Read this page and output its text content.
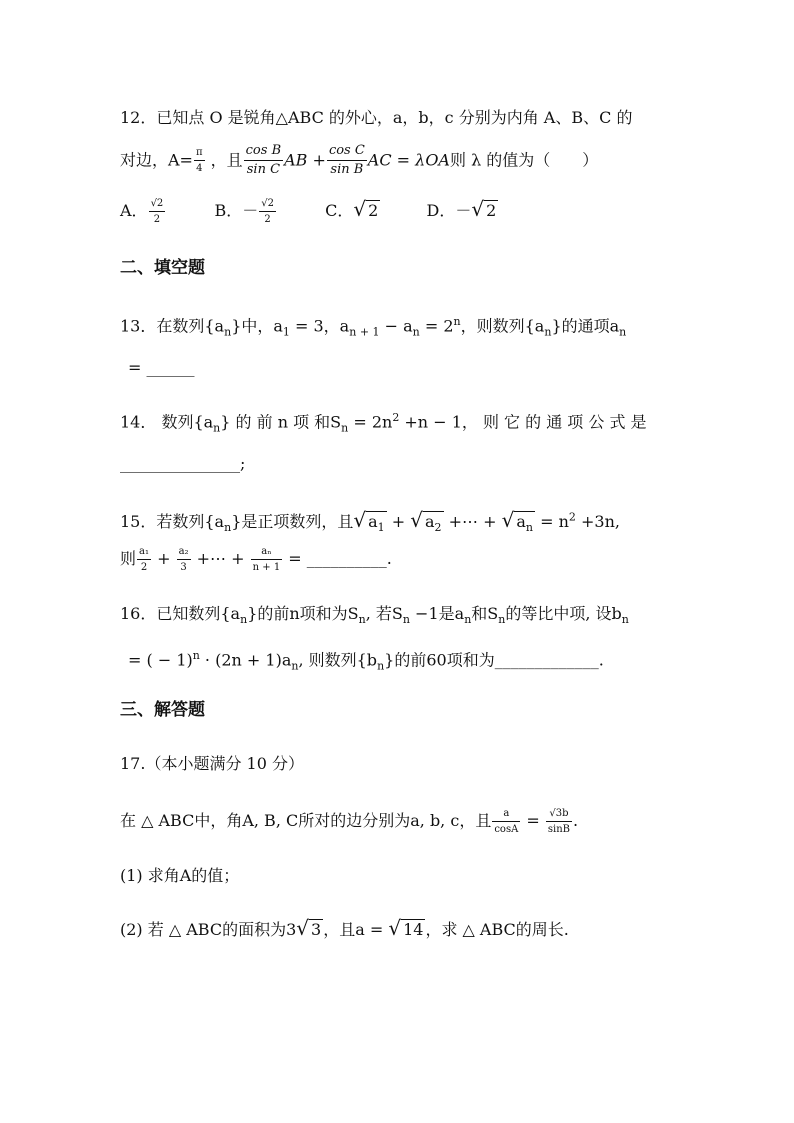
12．已知点 O 是锐角△ABC 的外心，a，b，c 分别为内角 A、B、C 的
对边，$A= \frac{\pi}{4}$ ，且 $\frac{\text{cos B}}{\text{sin C}}$ AB + $\frac{\text{cos C}}{\text{sin B}}$ AC = λOA则 λ 的值为（　　）
A． $\frac{√2}{2}$	B．－ $\frac{√2}{2}$	C．√ 2	D．－√ 2
二、填空题
13．在数列$\{a_n\}$中，$a_1 = 3$，$a_{n + 1} - a_n = 2^n$，则数列$\{a_n\}$的通项$a_n$
= ______
14． 数列$\{a_n\}$ 的 前 n 项 和$S_n = 2n^2 +n - 1$， 则 它 的 通 项 公 式 是
_______________;
15．若数列$\{a_n\}$是正项数列，且√ $a_1$ + √ $a_2$ +⋯ + √ $a_n = n^2 +3n$,
则 $\frac{\text{a₁}}{2} + \frac{\text{a₂}}{3}$ +⋯ + $\frac{\text{aₙ}}{n + 1}$ = __________.
16．已知数列$\{a_n\}$的前n项和为$S_n$, 若$S_n -1$是$a_n$和$S_n$的等比中项, 设$b_n$
= ( − $1)^n \cdot (2n + 1)a_n$, 则数列$\{b_n\}$的前60项和为_____________.
三、解答题
17.（本小题满分 10 分）
在 △ ABC中，角A, B, C所对的边分别为a, b, c，且 $\frac{a}{\cos A} = \frac{√3b}{\sin B}$ .
(1) 求角A的值；
(2) 若 △ ABC的面积为3√ 3 ，且a = √ 14 ，求 △ ABC的周长.
